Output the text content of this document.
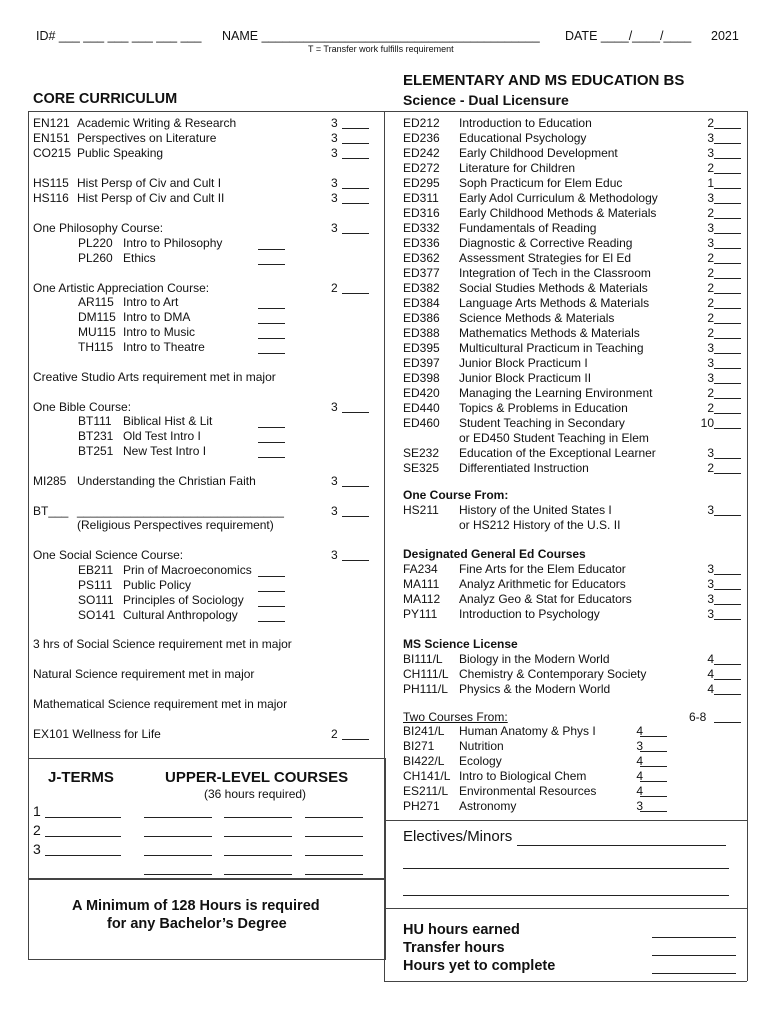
ID# ___ ___ ___ ___ ___ ___ NAME ________________________________________ DATE ____/____/____ 2021
T = Transfer work fulfills requirement
CORE CURRICULUM
ELEMENTARY AND MS EDUCATION BS
Science - Dual Licensure
EN121 Academic Writing & Research	3
EN151 Perspectives on Literature	3
CO215 Public Speaking	3
HS115 Hist Persp of Civ and Cult I	3
HS116 Hist Persp of Civ and Cult II	3
One Philosophy Course:	3
PL220 Intro to Philosophy
PL260 Ethics
One Artistic Appreciation Course:	2
AR115 Intro to Art
DM115 Intro to DMA
MU115 Intro to Music
TH115 Intro to Theatre
Creative Studio Arts requirement met in major
One Bible Course:	3
BT111 Biblical Hist & Lit
BT231 Old Test Intro I
BT251 New Test Intro I
MI285 Understanding the Christian Faith	3
BT___ _______________________________	3
(Religious Perspectives requirement)
One Social Science Course:	3
EB211 Prin of Macroeconomics
PS111 Public Policy
SO111 Principles of Sociology
SO141 Cultural Anthropology
3 hrs of Social Science requirement met in major
Natural Science requirement met in major
Mathematical Science requirement met in major
EX101 Wellness for Life	2
J-TERMS	UPPER-LEVEL COURSES
(36 hours required)
1
2
3
A Minimum of 128 Hours is required
for any Bachelor’s Degree
ED212 Introduction to Education	2
ED236 Educational Psychology	3
ED242 Early Childhood Development	3
ED272 Literature for Children	2
ED295 Soph Practicum for Elem Educ	1
ED311 Early Adol Curriculum & Methodology	3
ED316 Early Childhood Methods & Materials	2
ED332 Fundamentals of Reading	3
ED336 Diagnostic & Corrective Reading	3
ED362 Assessment Strategies for El Ed	2
ED377 Integration of Tech in the Classroom	2
ED382 Social Studies Methods & Materials	2
ED384 Language Arts Methods & Materials	2
ED386 Science Methods & Materials	2
ED388 Mathematics Methods & Materials	2
ED395 Multicultural Practicum in Teaching	3
ED397 Junior Block Practicum I	3
ED398 Junior Block Practicum II	3
ED420 Managing the Learning Environment	2
ED440 Topics & Problems in Education	2
ED460 Student Teaching in Secondary	10
or ED450 Student Teaching in Elem
SE232 Education of the Exceptional Learner	3
SE325 Differentiated Instruction	2
One Course From:
HS211 History of the United States I	3
or HS212 History of the U.S. II
Designated General Ed Courses
FA234 Fine Arts for the Elem Educator	3
MA111 Analyz Arithmetic for Educators	3
MA112 Analyz Geo & Stat for Educators	3
PY111 Introduction to Psychology	3
MS Science License
BI111/L Biology in the Modern World	4
CH111/L Chemistry & Contemporary Society	4
PH111/L Physics & the Modern World	4
Two Courses From:	6-8
BI241/L Human Anatomy & Phys I	4
BI271 Nutrition	3
BI422/L Ecology	4
CH141/L Intro to Biological Chem	4
ES211/L Environmental Resources	4
PH271 Astronomy	3
Electives/Minors
HU hours earned
Transfer hours
Hours yet to complete
